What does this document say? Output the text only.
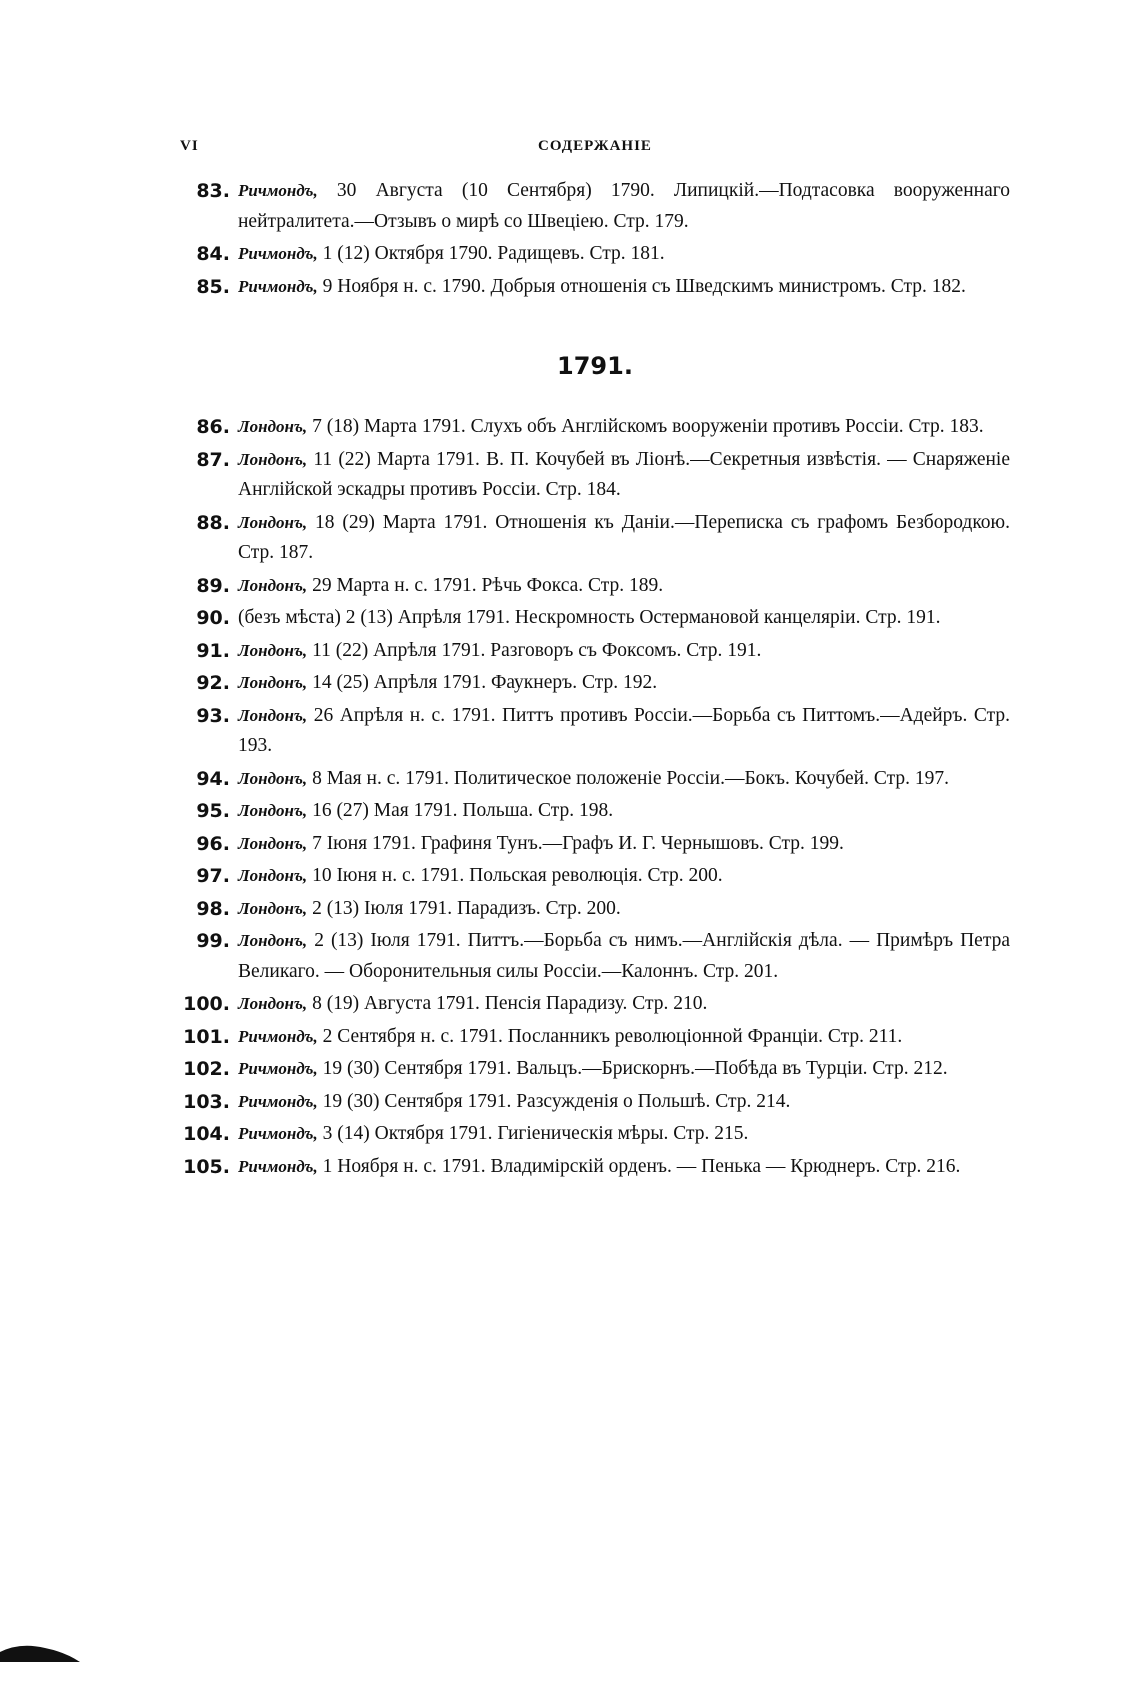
VI	СОДЕРЖАНІЕ
83. Ричмондъ, 30 Августа (10 Сентября) 1790. Липицкій.—Подтасовка вооруженнаго нейтралитета.—Отзывъ о мирѣ со Швеціею. Стр. 179.
84. Ричмондъ, 1 (12) Октября 1790. Радищевъ. Стр. 181.
85. Ричмондъ, 9 Ноября н. с. 1790. Добрыя отношенія съ Шведскимъ министромъ. Стр. 182.
1791.
86. Лондонъ, 7 (18) Марта 1791. Слухъ объ Англійскомъ вооруженіи противъ Россіи. Стр. 183.
87. Лондонъ, 11 (22) Марта 1791. В. П. Кочубей въ Ліонѣ.—Секретныя извѣстія. — Снаряженіе Англійской эскадры противъ Россіи. Стр. 184.
88. Лондонъ, 18 (29) Марта 1791. Отношенія къ Даніи.—Переписка съ графомъ Безбородкою. Стр. 187.
89. Лондонъ, 29 Марта н. с. 1791. Рѣчь Фокса. Стр. 189.
90. (безъ мѣста) 2 (13) Апрѣля 1791. Нескромность Остермановой канцеляріи. Стр. 191.
91. Лондонъ, 11 (22) Апрѣля 1791. Разговоръ съ Фоксомъ. Стр. 191.
92. Лондонъ, 14 (25) Апрѣля 1791. Фаукнеръ. Стр. 192.
93. Лондонъ, 26 Апрѣля н. с. 1791. Питтъ противъ Россіи.—Борьба съ Питтомъ.—Адейръ. Стр. 193.
94. Лондонъ, 8 Мая н. с. 1791. Политическое положеніе Россіи.—Бокъ. Кочубей. Стр. 197.
95. Лондонъ, 16 (27) Мая 1791. Польша. Стр. 198.
96. Лондонъ, 7 Іюня 1791. Графиня Тунъ.—Графъ И. Г. Чернышовъ. Стр. 199.
97. Лондонъ, 10 Іюня н. с. 1791. Польская революція. Стр. 200.
98. Лондонъ, 2 (13) Іюля 1791. Парадизъ. Стр. 200.
99. Лондонъ, 2 (13) Іюля 1791. Питтъ.—Борьба съ нимъ.—Англійскія дѣла. — Примѣръ Петра Великаго. — Оборонительныя силы Россіи.—Калоннъ. Стр. 201.
100. Лондонъ, 8 (19) Августа 1791. Пенсія Парадизу. Стр. 210.
101. Ричмондъ, 2 Сентября н. с. 1791. Посланникъ революціонной Франціи. Стр. 211.
102. Ричмондъ, 19 (30) Сентября 1791. Вальцъ.—Брискорнъ.—Побѣда въ Турціи. Стр. 212.
103. Ричмондъ, 19 (30) Сентября 1791. Разсужденія о Польшѣ. Стр. 214.
104. Ричмондъ, 3 (14) Октября 1791. Гигіеническія мѣры. Стр. 215.
105. Ричмондъ, 1 Ноября н. с. 1791. Владимірскій орденъ. — Пенька — Крюднеръ. Стр. 216.
